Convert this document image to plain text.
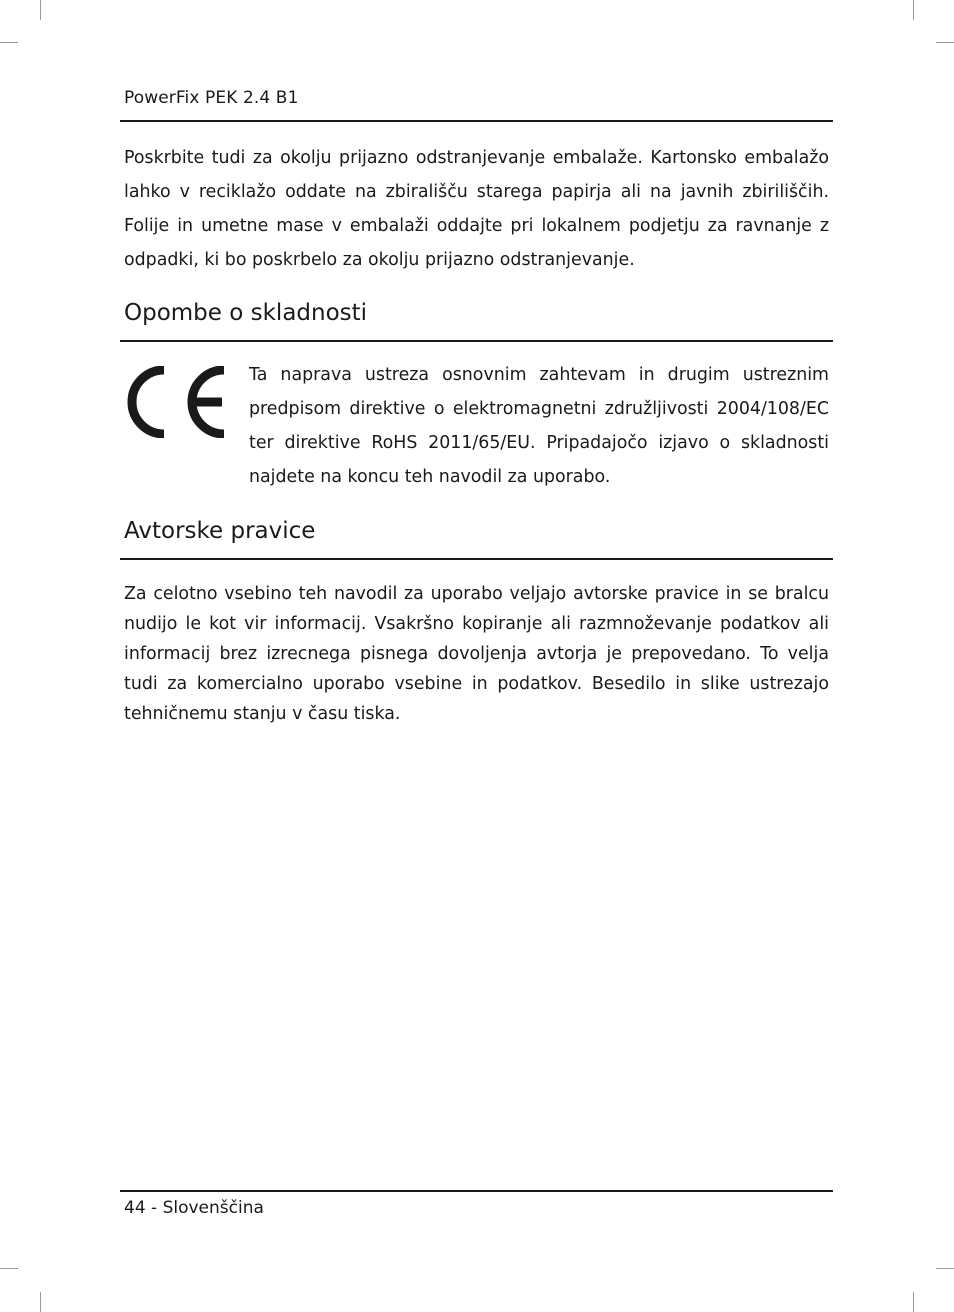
PowerFix PEK 2.4 B1

Poskrbite tudi za okolju prijazno odstranjevanje embalaže. Kartonsko embalažo lahko v reciklažo oddate na zbirališču starega papirja ali na javnih zbiriliščih. Folije in umetne mase v embalaži oddajte pri lokalnem podjetju za ravnanje z odpadki, ki bo poskrbelo za okolju prijazno odstranjevanje.

Opombe o skladnosti

Ta naprava ustreza osnovnim zahtevam in drugim ustreznim predpisom direktive o elektromagnetni združljivosti 2004/108/EC ter direktive RoHS 2011/65/EU. Pripadajočo izjavo o skladnosti najdete na koncu teh navodil za uporabo.

Avtorske pravice

Za celotno vsebino teh navodil za uporabo veljajo avtorske pravice in se bralcu nudijo le kot vir informacij. Vsakršno kopiranje ali razmnoževanje podatkov ali informacij brez izrecnega pisnega dovoljenja avtorja je prepovedano. To velja tudi za komercialno uporabo vsebine in podatkov. Besedilo in slike ustrezajo tehničnemu stanju v času tiska.

44 - Slovenščina
